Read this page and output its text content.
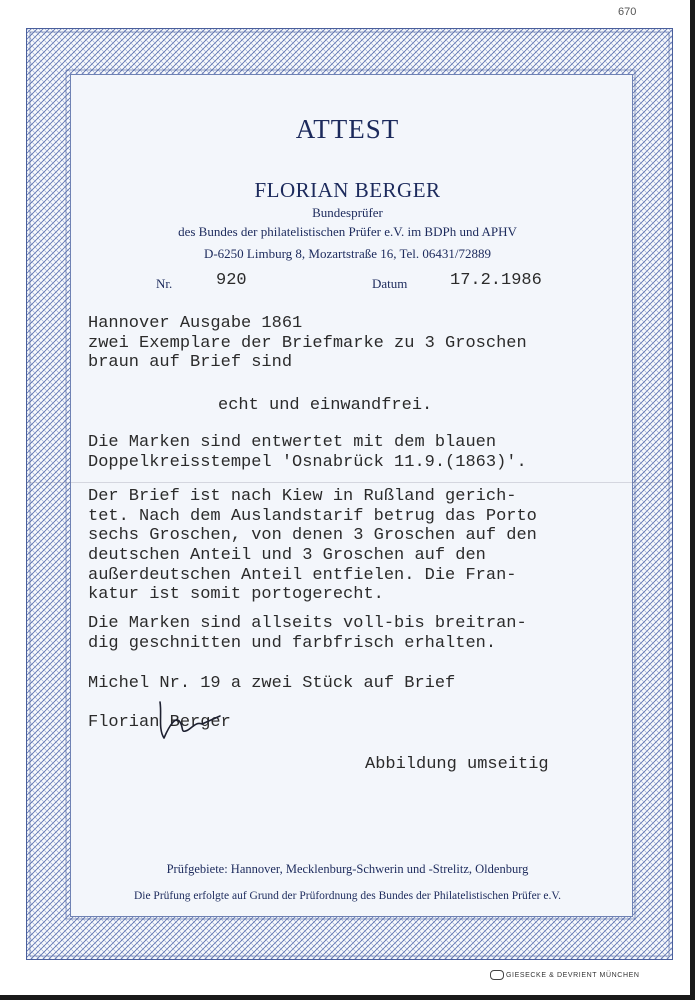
670
ATTEST
FLORIAN BERGER
Bundesprüfer
des Bundes der philatelistischen Prüfer e.V. im BDPh und APHV
D-6250 Limburg 8, Mozartstraße 16, Tel. 06431/72889
Nr.	920	Datum	17.2.1986
Hannover Ausgabe 1861
zwei Exemplare der Briefmarke zu 3 Groschen
braun auf Brief sind
echt und einwandfrei.
Die Marken sind entwertet mit dem blauen
Doppelkreisstempel 'Osnabrück 11.9.(1863)'.
Der Brief ist nach Kiew in Rußland gerich-
tet. Nach dem Auslandstarif betrug das Porto
sechs Groschen, von denen 3 Groschen auf den
deutschen Anteil und 3 Groschen auf den
außerdeutschen Anteil entfielen. Die Fran-
katur ist somit portogerecht.
Die Marken sind allseits voll-bis breitran-
dig geschnitten und farbfrisch erhalten.
Michel Nr. 19 a zwei Stück auf Brief
Florian Berger
Abbildung umseitig
Prüfgebiete: Hannover, Mecklenburg-Schwerin und -Strelitz, Oldenburg
Die Prüfung erfolgte auf Grund der Prüfordnung des Bundes der Philatelistischen Prüfer e.V.
GIESECKE & DEVRIENT MÜNCHEN
